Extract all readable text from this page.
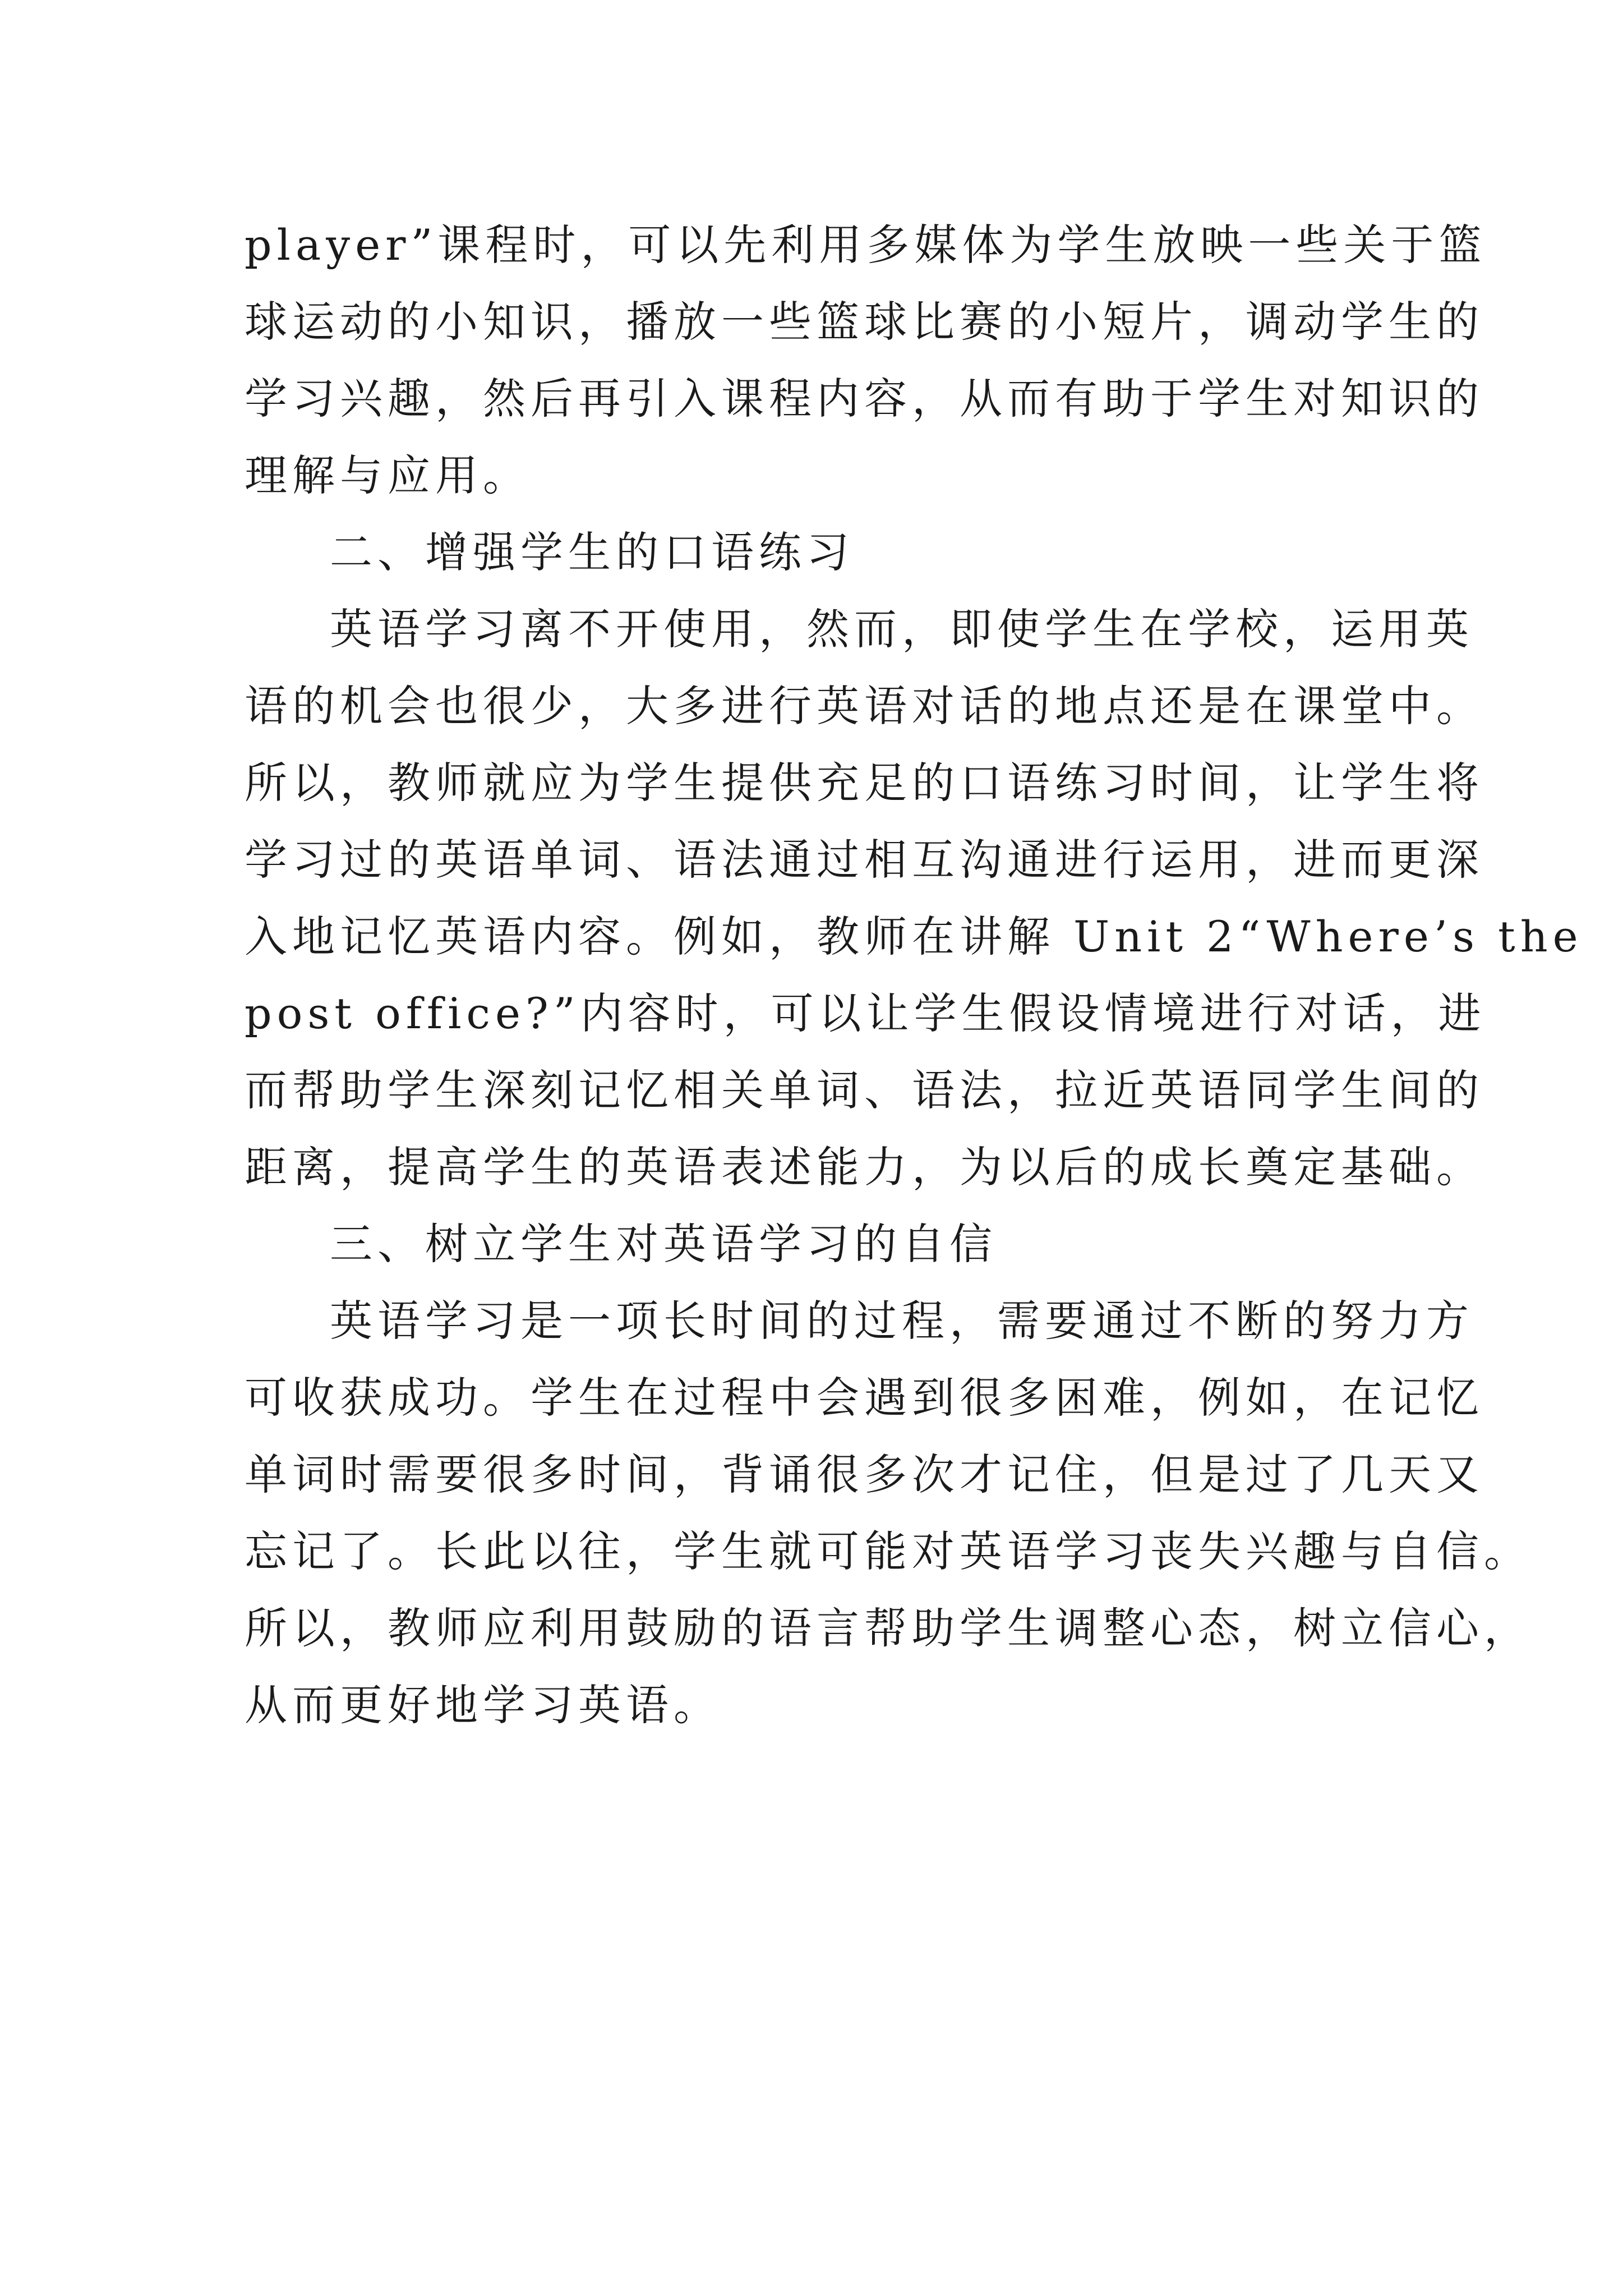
player”课程时，可以先利用多媒体为学生放映一些关于篮
球运动的小知识，播放一些篮球比赛的小短片，调动学生的
学习兴趣，然后再引入课程内容，从而有助于学生对知识的
理解与应用。
二、增强学生的口语练习
英语学习离不开使用，然而，即使学生在学校，运用英
语的机会也很少，大多进行英语对话的地点还是在课堂中。
所以，教师就应为学生提供充足的口语练习时间，让学生将
学习过的英语单词、语法通过相互沟通进行运用，进而更深
入地记忆英语内容。例如，教师在讲解 Unit 2“Where’s the
post office?”内容时，可以让学生假设情境进行对话，进
而帮助学生深刻记忆相关单词、语法，拉近英语同学生间的
距离，提高学生的英语表述能力，为以后的成长奠定基础。
三、树立学生对英语学习的自信
英语学习是一项长时间的过程，需要通过不断的努力方
可收获成功。学生在过程中会遇到很多困难，例如，在记忆
单词时需要很多时间，背诵很多次才记住，但是过了几天又
忘记了。长此以往，学生就可能对英语学习丧失兴趣与自信。
所以，教师应利用鼓励的语言帮助学生调整心态，树立信心，
从而更好地学习英语。
